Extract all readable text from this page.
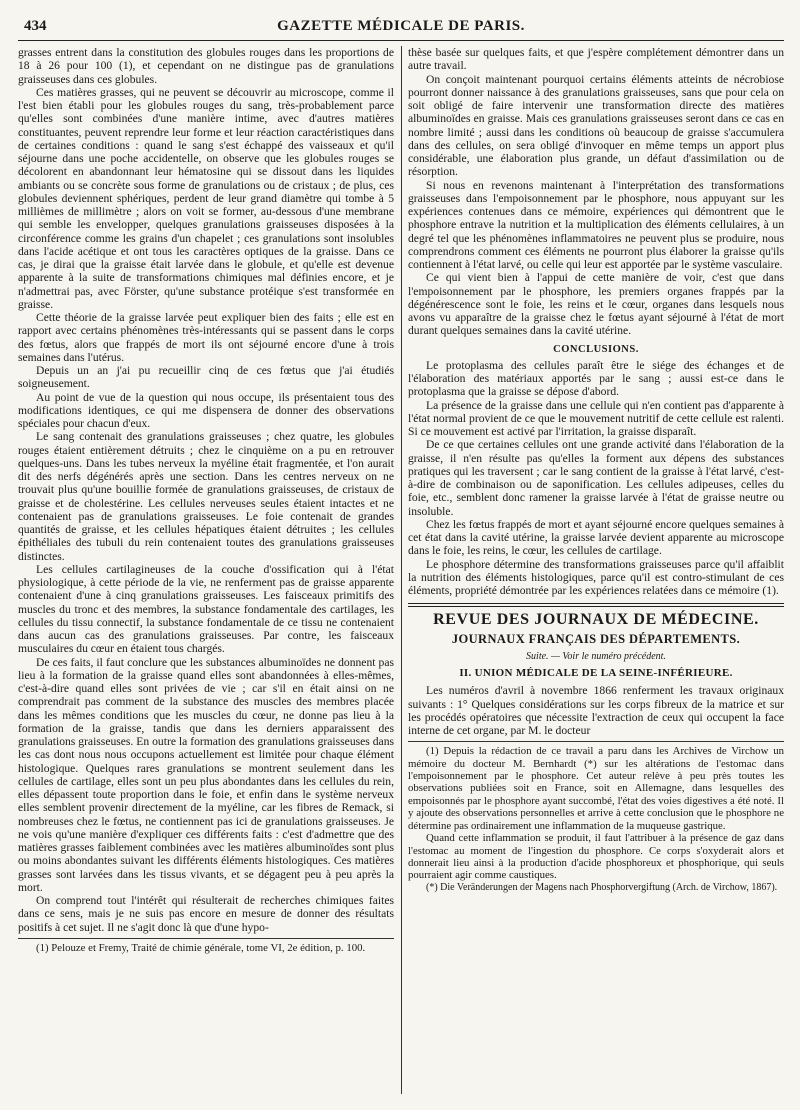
434	GAZETTE MÉDICALE DE PARIS.

grasses entrent dans la constitution des globules rouges dans les proportions de 18 à 26 pour 100 (1), et cependant on ne distingue pas de granulations graisseuses dans ces globules.

Ces matières grasses, qui ne peuvent se découvrir au microscope, comme il l'est bien établi pour les globules rouges du sang, très-probablement parce qu'elles sont combinées d'une manière intime, avec d'autres matières constituantes, peuvent reprendre leur forme et leur réaction caractéristiques dans de certaines conditions : quand le sang s'est échappé des vaisseaux et qu'il séjourne dans une poche accidentelle, on observe que les globules rouges se décolorent en abandonnant leur hématosine qui se dissout dans les liquides ambiants ou se concrète sous forme de granulations ou de cristaux ; de plus, ces globules deviennent sphériques, perdent de leur grand diamètre qui tombe à 5 millièmes de millimètre ; alors on voit se former, au-dessous d'une membrane qui semble les envelopper, quelques granulations graisseuses disposées à la circonférence comme les grains d'un chapelet ; ces granulations sont insolubles dans l'acide acétique et ont tous les caractères optiques de la graisse. Dans ce cas, je dirai que la graisse était larvée dans le globule, et qu'elle est devenue apparente à la suite de transformations chimiques mal définies encore, et je n'admettrai pas, avec Förster, qu'une substance protéique s'est transformée en graisse.

Cette théorie de la graisse larvée peut expliquer bien des faits ; elle est en rapport avec certains phénomènes très-intéressants qui se passent dans le corps des fœtus, alors que frappés de mort ils ont séjourné encore d'une à trois semaines dans l'utérus.

Depuis un an j'ai pu recueillir cinq de ces fœtus que j'ai étudiés soigneusement.

Au point de vue de la question qui nous occupe, ils présentaient tous des modifications identiques, ce qui me dispensera de donner des observations spéciales pour chacun d'eux.

Le sang contenait des granulations graisseuses ; chez quatre, les globules rouges étaient entièrement détruits ; chez le cinquième on a pu en retrouver quelques-uns. Dans les tubes nerveux la myéline était fragmentée, et l'on aurait dit des nerfs dégénérés après une section. Dans les centres nerveux on ne trouvait plus qu'une bouillie formée de granulations graisseuses, de cristaux de graisse et de cholestérine. Les cellules nerveuses seules étaient intactes et ne contenaient pas de granulations graisseuses. Le foie contenait de grandes quantités de graisse, et les cellules hépatiques étaient détruites ; les cellules épithéliales des tubuli du rein contenaient toutes des granulations graisseuses distinctes.

Les cellules cartilagineuses de la couche d'ossification qui à l'état physiologique, à cette période de la vie, ne renferment pas de graisse apparente contenaient d'une à cinq granulations graisseuses. Les faisceaux primitifs des muscles du tronc et des membres, la substance fondamentale des cartilages, les cellules du tissu connectif, la substance fondamentale de ce tissu ne contenaient dans aucun cas des granulations graisseuses. Par contre, les faisceaux musculaires du cœur en étaient tous chargés.

De ces faits, il faut conclure que les substances albuminoïdes ne donnent pas lieu à la formation de la graisse quand elles sont abandonnées à elles-mêmes, c'est-à-dire quand elles sont privées de vie ; car s'il en était ainsi on ne comprendrait pas comment de la substance des muscles des membres placée dans les mêmes conditions que les muscles du cœur, ne donne pas lieu à la formation de la graisse, tandis que dans les derniers apparaissent des granulations graisseuses. En outre la formation des granulations graisseuses dans les cas dont nous nous occupons actuellement est limitée pour chaque élément histologique. Quelques rares granulations se montrent seulement dans les cellules de cartilage, elles sont un peu plus abondantes dans les cellules du rein, elles dépassent toute proportion dans le foie, et enfin dans le système nerveux elles semblent provenir directement de la myéline, car les fibres de Remack, si nombreuses chez le fœtus, ne contiennent pas ici de granulations graisseuses. Je ne vois qu'une manière d'expliquer ces différents faits : c'est d'admettre que des matières grasses faiblement combinées avec les matières albuminoïdes sont plus ou moins abondantes suivant les différents éléments histologiques. Ces matières grasses sont larvées dans les tissus vivants, et se dégagent peu à peu après la mort.

On comprend tout l'intérêt qui résulterait de recherches chimiques faites dans ce sens, mais je ne suis pas encore en mesure de donner des résultats positifs à cet sujet. Il ne s'agit donc là que d'une hypo-

(1) Pelouze et Fremy, Traité de chimie générale, tome VI, 2e édition, p. 100.

thèse basée sur quelques faits, et que j'espère complétement démontrer dans un autre travail.

On conçoit maintenant pourquoi certains éléments atteints de nécrobiose pourront donner naissance à des granulations graisseuses, sans que pour cela on soit obligé de faire intervenir une transformation directe des matières albuminoïdes en graisse. Mais ces granulations graisseuses seront dans ce cas en nombre limité ; aussi dans les conditions où beaucoup de graisse s'accumulera dans des cellules, on sera obligé d'invoquer en même temps un apport plus considérable, une élaboration plus grande, un défaut d'assimilation ou de résorption.

Si nous en revenons maintenant à l'interprétation des transformations graisseuses dans l'empoisonnement par le phosphore, nous appuyant sur les expériences contenues dans ce mémoire, expériences qui démontrent que le phosphore entrave la nutrition et la multiplication des éléments cellulaires, à un degré tel que les phénomènes inflammatoires ne peuvent plus se produire, nous comprendrons comment ces éléments ne pourront plus élaborer la graisse qu'ils contiennent à l'état larvé, ou celle qui leur est apportée par le système vasculaire.

Ce qui vient bien à l'appui de cette manière de voir, c'est que dans l'empoisonnement par le phosphore, les premiers organes frappés par la dégénérescence sont le foie, les reins et le cœur, organes dans lesquels nous avons vu apparaître de la graisse chez le fœtus ayant séjourné à l'état de mort durant quelques semaines dans la cavité utérine.

CONCLUSIONS.

Le protoplasma des cellules paraît être le siége des échanges et de l'élaboration des matériaux apportés par le sang ; aussi est-ce dans le protoplasma que la graisse se dépose d'abord.

La présence de la graisse dans une cellule qui n'en contient pas d'apparente à l'état normal provient de ce que le mouvement nutritif de cette cellule est ralenti. Si ce mouvement est activé par l'irritation, la graisse disparaît.

De ce que certaines cellules ont une grande activité dans l'élaboration de la graisse, il n'en résulte pas qu'elles la forment aux dépens des substances pratiques qui les traversent ; car le sang contient de la graisse à l'état larvé, c'est-à-dire de combinaison ou de saponification. Les cellules adipeuses, celles du foie, etc., semblent donc ramener la graisse larvée à l'état de graisse neutre ou insoluble.

Chez les fœtus frappés de mort et ayant séjourné encore quelques semaines à cet état dans la cavité utérine, la graisse larvée devient apparente au microscope dans le foie, les reins, le cœur, les cellules de cartilage.

Le phosphore détermine des transformations graisseuses parce qu'il affaiblit la nutrition des éléments histologiques, parce qu'il est contro-stimulant de ces éléments, propriété démontrée par les expériences relatées dans ce mémoire (1).

REVUE DES JOURNAUX DE MÉDECINE.
JOURNAUX FRANÇAIS DES DÉPARTEMENTS.
Suite. — Voir le numéro précédent.
II. UNION MÉDICALE DE LA SEINE-INFÉRIEURE.

Les numéros d'avril à novembre 1866 renferment les travaux originaux suivants : 1° Quelques considérations sur les corps fibreux de la matrice et sur les procédés opératoires que nécessite l'extraction de ceux qui occupent la face interne de cet organe, par M. le docteur

(1) Depuis la rédaction de ce travail a paru dans les Archives de Virchow un mémoire du docteur M. Bernhardt (*) sur les altérations de l'estomac dans l'empoisonnement par le phosphore. Cet auteur relève à peu près toutes les observations publiées soit en France, soit en Allemagne, dans lesquelles des empoisonnés par le phosphore ayant succombé, l'état des voies digestives a été noté. Il y ajoute des observations personnelles et arrive à cette conclusion que le phosphore ne détermine pas ordinairement une inflammation de la muqueuse gastrique.

Quand cette inflammation se produit, il faut l'attribuer à la présence de gaz dans l'estomac au moment de l'ingestion du phosphore. Ce corps s'oxyderait alors et donnerait lieu ainsi à la production d'acide phosphoreux et phosphorique, qui seuls pourraient agir comme caustiques.

(*) Die Veränderungen der Magens nach Phosphorvergiftung (Arch. de Virchow, 1867).
